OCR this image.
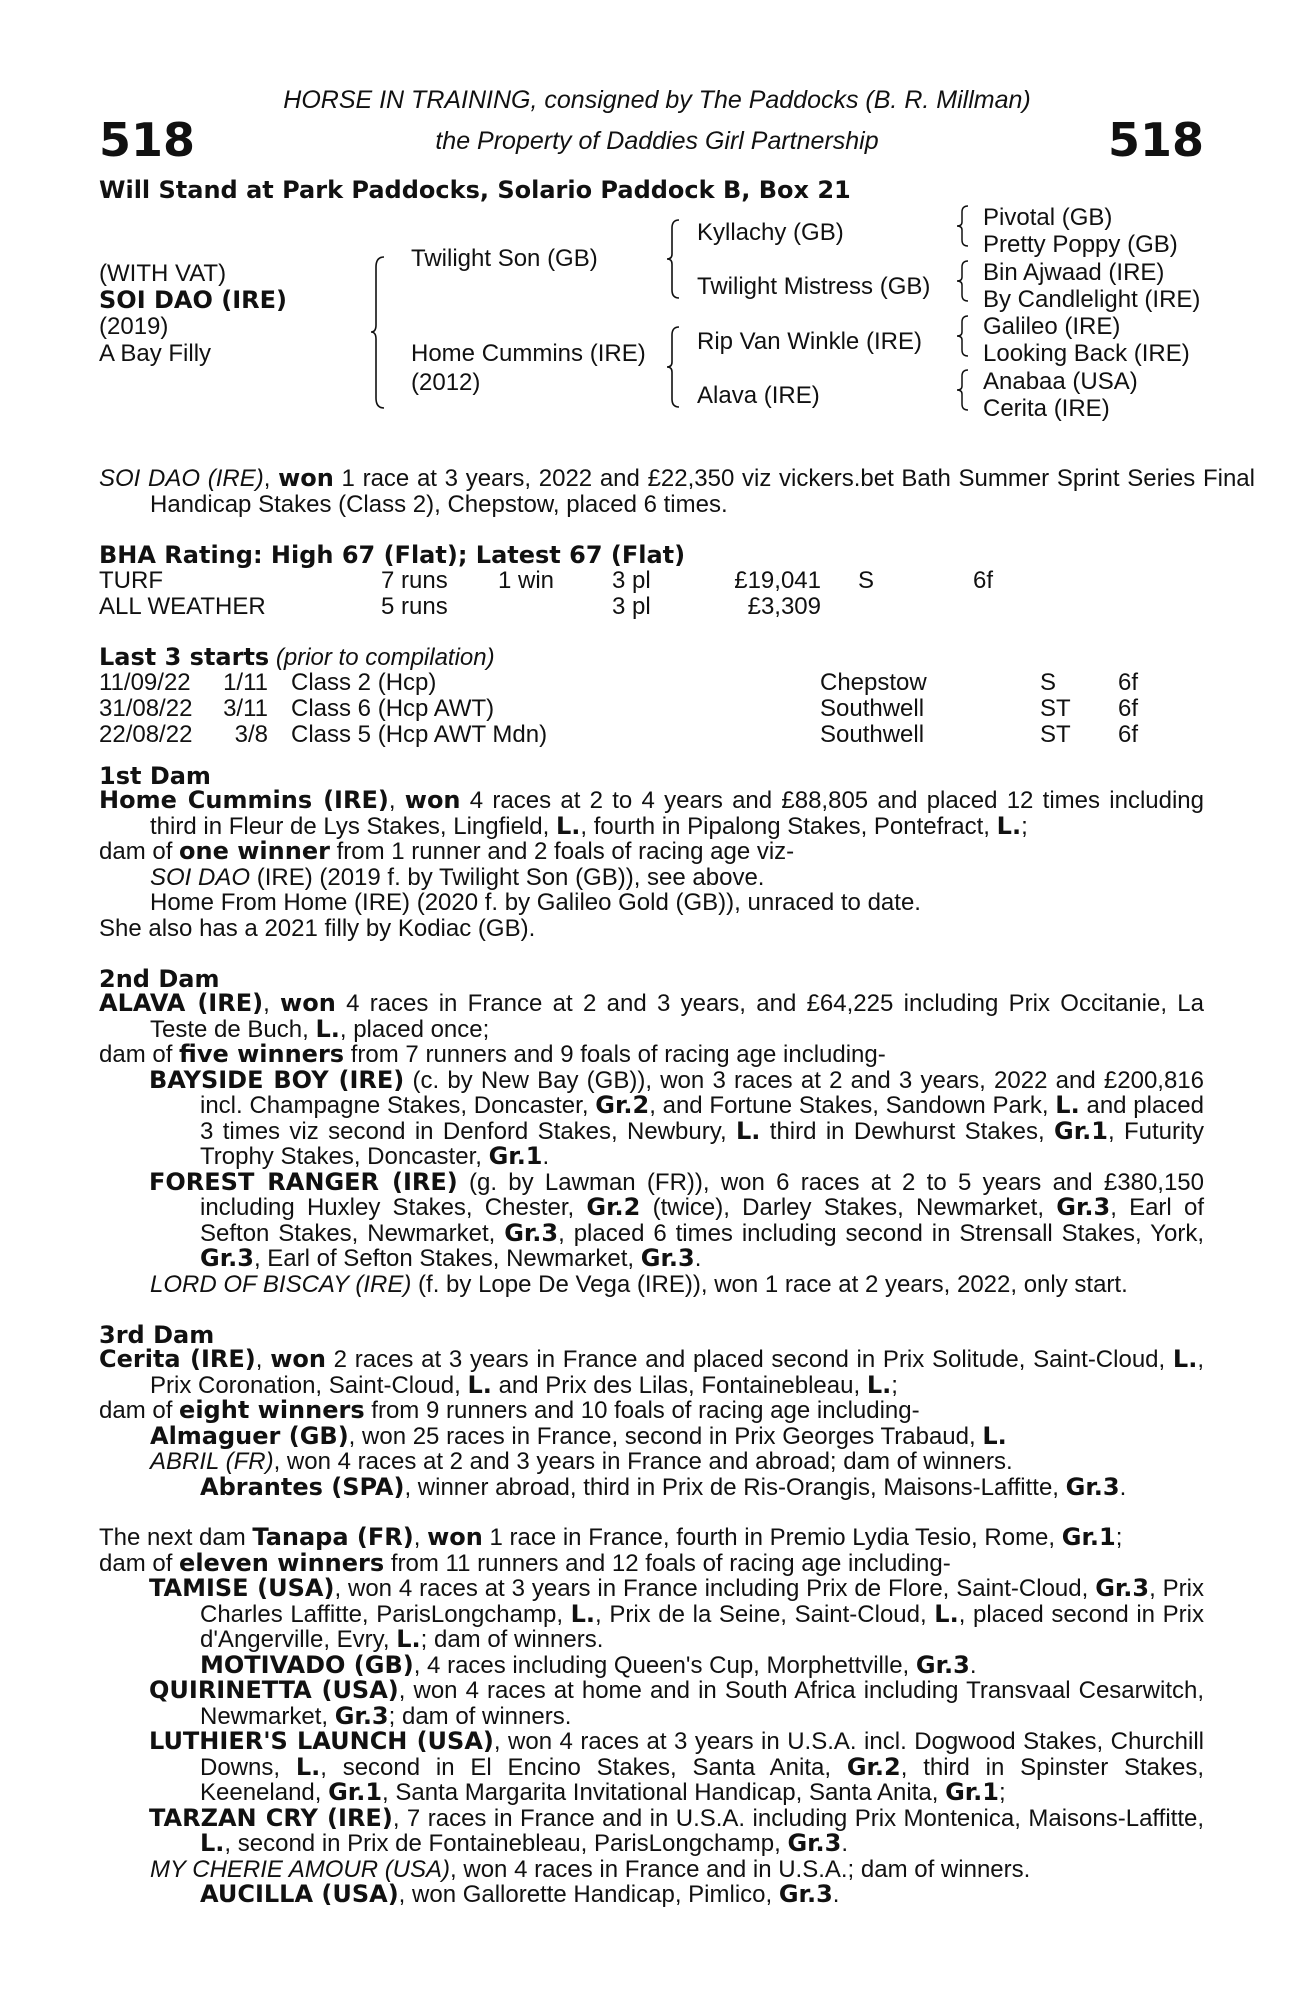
518	518
HORSE IN TRAINING, consigned by The Paddocks (B. R. Millman)
the Property of Daddies Girl Partnership
Will Stand at Park Paddocks, Solario Paddock B, Box 21
(WITH VAT)
SOI DAO (IRE)
(2019)
A Bay Filly
Twilight Son (GB)
Home Cummins (IRE)
(2012)
Kyllachy (GB)
Twilight Mistress (GB)
Rip Van Winkle (IRE)
Alava (IRE)
Pivotal (GB)
Pretty Poppy (GB)
Bin Ajwaad (IRE)
By Candlelight (IRE)
Galileo (IRE)
Looking Back (IRE)
Anabaa (USA)
Cerita (IRE)
SOI DAO (IRE), won 1 race at 3 years, 2022 and £22,350 viz vickers.bet Bath Summer Sprint Series Final Handicap Stakes (Class 2), Chepstow, placed 6 times.
BHA Rating: High 67 (Flat); Latest 67 (Flat)
TURF	7 runs 1 win 3 pl	£19,041 S	6f
ALL WEATHER	5 runs	3 pl	£3,309
Last 3 starts (prior to compilation)
11/09/22 1/11 Class 2 (Hcp)	Chepstow	S	6f
31/08/22 3/11 Class 6 (Hcp AWT)	Southwell	ST 6f
22/08/22 3/8 Class 5 (Hcp AWT Mdn)	Southwell	ST 6f
1st Dam
Home Cummins (IRE), won 4 races at 2 to 4 years and £88,805 and placed 12 times including third in Fleur de Lys Stakes, Lingfield, L., fourth in Pipalong Stakes, Pontefract, L.;
dam of one winner from 1 runner and 2 foals of racing age viz-
SOI DAO (IRE) (2019 f. by Twilight Son (GB)), see above.
Home From Home (IRE) (2020 f. by Galileo Gold (GB)), unraced to date.
She also has a 2021 filly by Kodiac (GB).
2nd Dam
ALAVA (IRE), won 4 races in France at 2 and 3 years, and £64,225 including Prix Occitanie, La Teste de Buch, L., placed once;
dam of five winners from 7 runners and 9 foals of racing age including-
BAYSIDE BOY (IRE) (c. by New Bay (GB)), won 3 races at 2 and 3 years, 2022 and £200,816 incl. Champagne Stakes, Doncaster, Gr.2, and Fortune Stakes, Sandown Park, L. and placed 3 times viz second in Denford Stakes, Newbury, L. third in Dewhurst Stakes, Gr.1, Futurity Trophy Stakes, Doncaster, Gr.1.
FOREST RANGER (IRE) (g. by Lawman (FR)), won 6 races at 2 to 5 years and £380,150 including Huxley Stakes, Chester, Gr.2 (twice), Darley Stakes, Newmarket, Gr.3, Earl of Sefton Stakes, Newmarket, Gr.3, placed 6 times including second in Strensall Stakes, York, Gr.3, Earl of Sefton Stakes, Newmarket, Gr.3.
LORD OF BISCAY (IRE) (f. by Lope De Vega (IRE)), won 1 race at 2 years, 2022, only start.
3rd Dam
Cerita (IRE), won 2 races at 3 years in France and placed second in Prix Solitude, Saint-Cloud, L., Prix Coronation, Saint-Cloud, L. and Prix des Lilas, Fontainebleau, L.;
dam of eight winners from 9 runners and 10 foals of racing age including-
Almaguer (GB), won 25 races in France, second in Prix Georges Trabaud, L.
ABRIL (FR), won 4 races at 2 and 3 years in France and abroad; dam of winners.
Abrantes (SPA), winner abroad, third in Prix de Ris-Orangis, Maisons-Laffitte, Gr.3.
The next dam Tanapa (FR), won 1 race in France, fourth in Premio Lydia Tesio, Rome, Gr.1;
dam of eleven winners from 11 runners and 12 foals of racing age including-
TAMISE (USA), won 4 races at 3 years in France including Prix de Flore, Saint-Cloud, Gr.3, Prix Charles Laffitte, ParisLongchamp, L., Prix de la Seine, Saint-Cloud, L., placed second in Prix d'Angerville, Evry, L.; dam of winners.
MOTIVADO (GB), 4 races including Queen's Cup, Morphettville, Gr.3.
QUIRINETTA (USA), won 4 races at home and in South Africa including Transvaal Cesarwitch, Newmarket, Gr.3; dam of winners.
LUTHIER'S LAUNCH (USA), won 4 races at 3 years in U.S.A. incl. Dogwood Stakes, Churchill Downs, L., second in El Encino Stakes, Santa Anita, Gr.2, third in Spinster Stakes, Keeneland, Gr.1, Santa Margarita Invitational Handicap, Santa Anita, Gr.1;
TARZAN CRY (IRE), 7 races in France and in U.S.A. including Prix Montenica, Maisons-Laffitte, L., second in Prix de Fontainebleau, ParisLongchamp, Gr.3.
MY CHERIE AMOUR (USA), won 4 races in France and in U.S.A.; dam of winners.
AUCILLA (USA), won Gallorette Handicap, Pimlico, Gr.3.
